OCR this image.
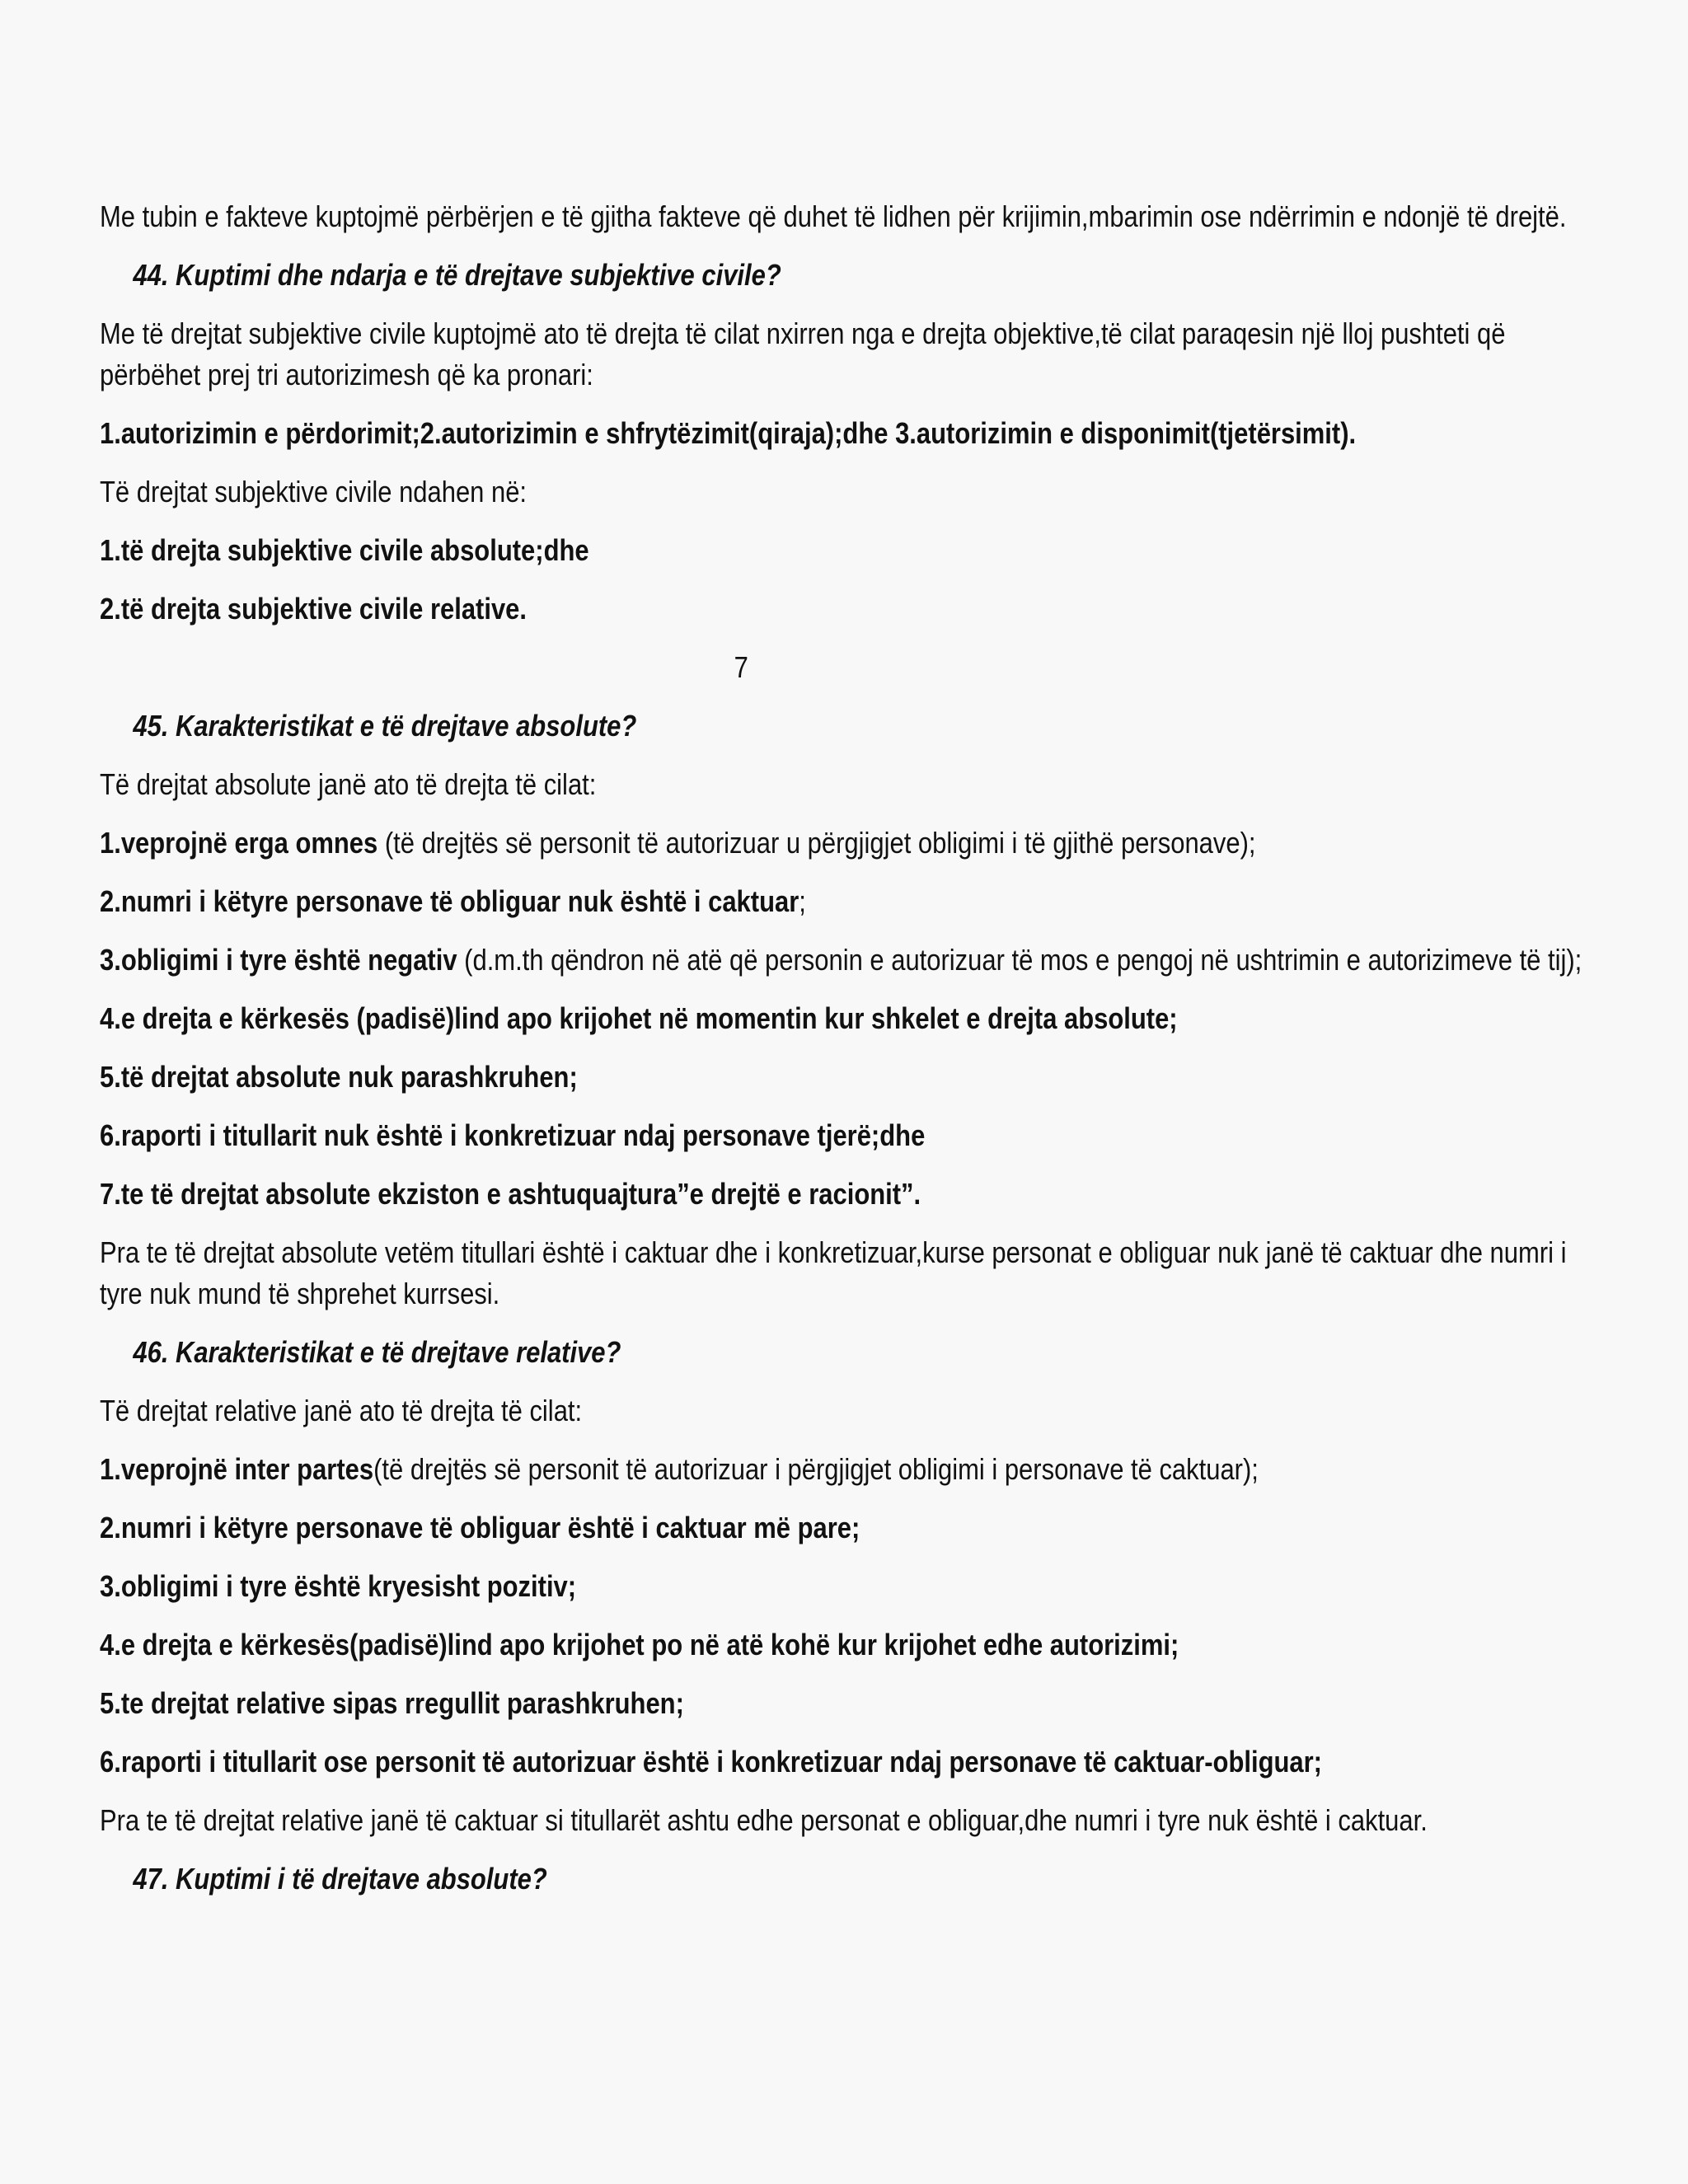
Me tubin e fakteve kuptojmë përbërjen e të gjitha fakteve që duhet të lidhen për krijimin,mbarimin ose ndërrimin e ndonjë të drejtë.

44. Kuptimi dhe ndarja e të drejtave subjektive civile?

Me të drejtat subjektive civile kuptojmë ato të drejta të cilat nxirren nga e drejta objektive,të cilat paraqesin një lloj pushteti që përbëhet prej tri autorizimesh që ka pronari:

1.autorizimin e përdorimit;2.autorizimin e shfrytëzimit(qiraja);dhe 3.autorizimin e disponimit(tjetërsimit).

Të drejtat subjektive civile ndahen në:

1.të drejta subjektive civile absolute;dhe

2.të drejta subjektive civile relative.

7

45. Karakteristikat e të drejtave absolute?

Të drejtat absolute janë ato të drejta të cilat:

1.veprojnë erga omnes (të drejtës së personit të autorizuar u përgjigjet obligimi i të gjithë personave);

2.numri i këtyre personave të obliguar nuk është i caktuar;

3.obligimi i tyre është negativ (d.m.th qëndron në atë që personin e autorizuar të mos e pengoj në ushtrimin e autorizimeve të tij);

4.e drejta e kërkesës (padisë)lind apo krijohet në momentin kur shkelet e drejta absolute;

5.të drejtat absolute nuk parashkruhen;

6.raporti i titullarit nuk është i konkretizuar ndaj personave tjerë;dhe

7.te të drejtat absolute ekziston e ashtuquajtura”e drejtë e racionit”.

Pra te të drejtat absolute vetëm titullari është i caktuar dhe i konkretizuar,kurse personat e obliguar nuk janë të caktuar dhe numri i tyre nuk mund të shprehet kurrsesi.

46. Karakteristikat e të drejtave relative?

Të drejtat relative janë ato të drejta të cilat:

1.veprojnë inter partes(të drejtës së personit të autorizuar i përgjigjet obligimi i personave të caktuar);

2.numri i këtyre personave të obliguar është i caktuar më pare;

3.obligimi i tyre është kryesisht pozitiv;

4.e drejta e kërkesës(padisë)lind apo krijohet po në atë kohë kur krijohet edhe autorizimi;

5.te drejtat relative sipas rregullit parashkruhen;

6.raporti i titullarit ose personit të autorizuar është i konkretizuar ndaj personave të caktuar-obliguar;

Pra te të drejtat relative janë të caktuar si titullarët ashtu edhe personat e obliguar,dhe numri i tyre nuk është i caktuar.

47. Kuptimi i të drejtave absolute?
